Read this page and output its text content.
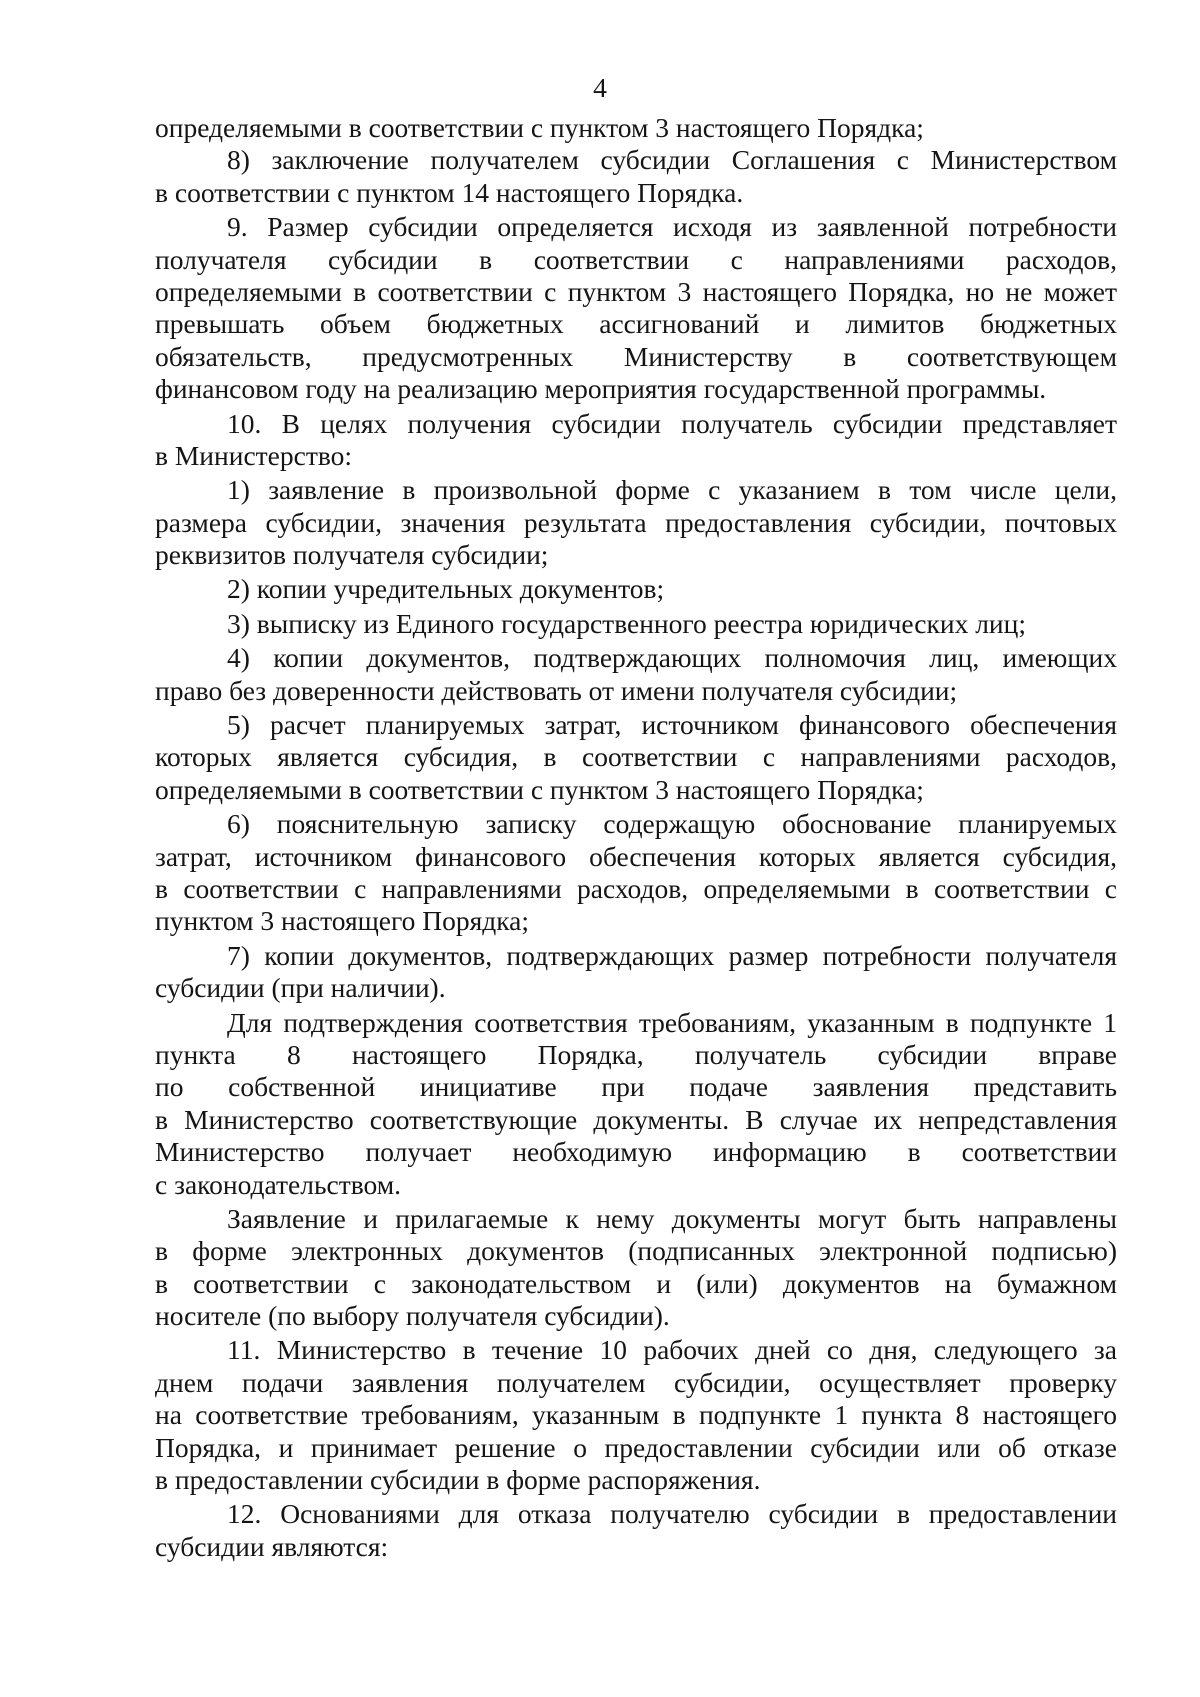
4
определяемыми в соответствии с пунктом 3 настоящего Порядка;
8) заключение получателем субсидии Соглашения с Министерством
в соответствии с пунктом 14 настоящего Порядка.
9. Размер субсидии определяется исходя из заявленной потребности
получателя субсидии в соответствии с направлениями расходов,
определяемыми в соответствии с пунктом 3 настоящего Порядка, но не может
превышать объем бюджетных ассигнований и лимитов бюджетных
обязательств, предусмотренных Министерству в соответствующем
финансовом году на реализацию мероприятия государственной программы.
10. В целях получения субсидии получатель субсидии представляет
в Министерство:
1) заявление в произвольной форме с указанием в том числе цели,
размера субсидии, значения результата предоставления субсидии, почтовых
реквизитов получателя субсидии;
2) копии учредительных документов;
3) выписку из Единого государственного реестра юридических лиц;
4) копии документов, подтверждающих полномочия лиц, имеющих
право без доверенности действовать от имени получателя субсидии;
5) расчет планируемых затрат, источником финансового обеспечения
которых является субсидия, в соответствии с направлениями расходов,
определяемыми в соответствии с пунктом 3 настоящего Порядка;
6) пояснительную записку содержащую обоснование планируемых
затрат, источником финансового обеспечения которых является субсидия,
в соответствии с направлениями расходов, определяемыми в соответствии с
пунктом 3 настоящего Порядка;
7) копии документов, подтверждающих размер потребности получателя
субсидии (при наличии).
Для подтверждения соответствия требованиям, указанным в подпункте 1
пункта 8 настоящего Порядка, получатель субсидии вправе
по собственной инициативе при подаче заявления представить
в Министерство соответствующие документы. В случае их непредставления
Министерство получает необходимую информацию в соответствии
с законодательством.
Заявление и прилагаемые к нему документы могут быть направлены
в форме электронных документов (подписанных электронной подписью)
в соответствии с законодательством и (или) документов на бумажном
носителе (по выбору получателя субсидии).
11. Министерство в течение 10 рабочих дней со дня, следующего за
днем подачи заявления получателем субсидии, осуществляет проверку
на соответствие требованиям, указанным в подпункте 1 пункта 8 настоящего
Порядка, и принимает решение о предоставлении субсидии или об отказе
в предоставлении субсидии в форме распоряжения.
12. Основаниями для отказа получателю субсидии в предоставлении
субсидии являются:
